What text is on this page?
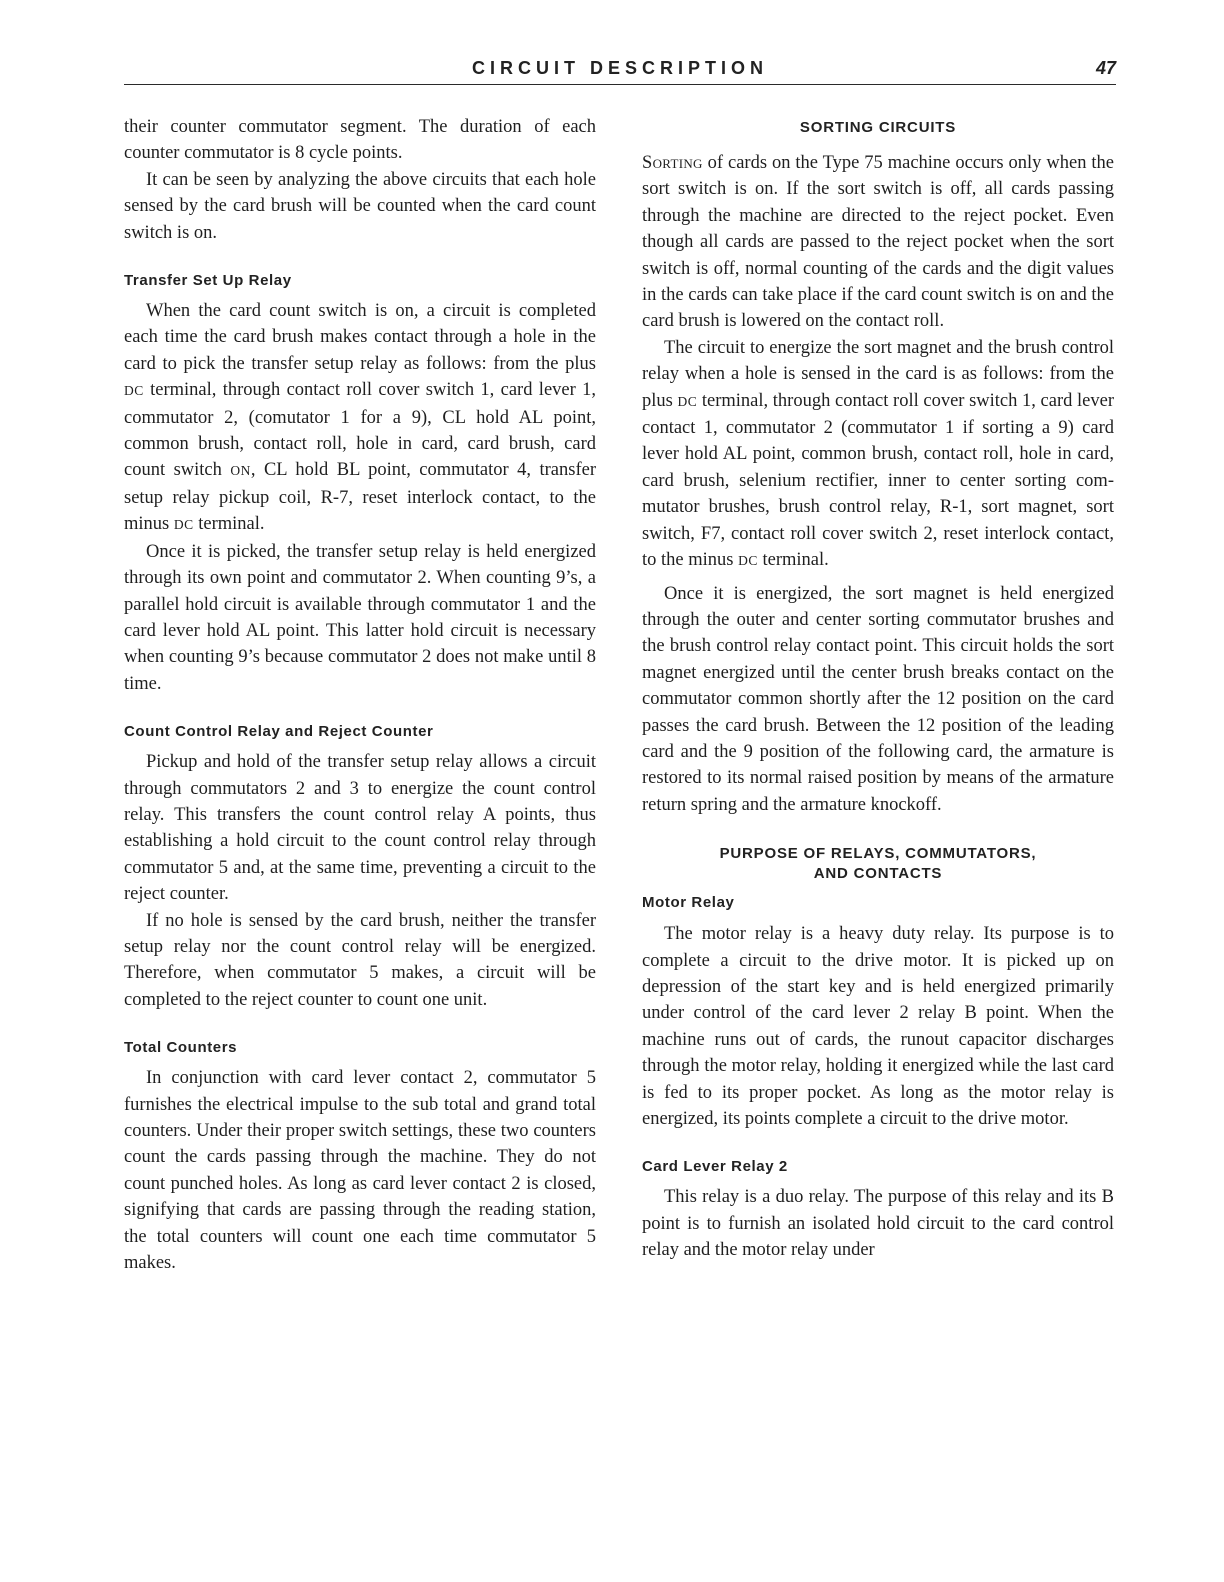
CIRCUIT DESCRIPTION	47

their counter commutator segment. The duration of each counter commutator is 8 cycle points.

It can be seen by analyzing the above circuits that each hole sensed by the card brush will be counted when the card count switch is on.

Transfer Set Up Relay

When the card count switch is on, a circuit is completed each time the card brush makes contact through a hole in the card to pick the transfer setup relay as follows: from the plus DC terminal, through contact roll cover switch 1, card lever 1, commutator 2, (comutator 1 for a 9), CL hold AL point, common brush, contact roll, hole in card, card brush, card count switch ON, CL hold BL point, commutator 4, transfer setup relay pickup coil, R-7, reset interlock contact, to the minus DC terminal.

Once it is picked, the transfer setup relay is held energized through its own point and commutator 2. When counting 9’s, a parallel hold circuit is available through commutator 1 and the card lever hold AL point. This latter hold circuit is necessary when counting 9’s because commutator 2 does not make until 8 time.

Count Control Relay and Reject Counter

Pickup and hold of the transfer setup relay allows a circuit through commutators 2 and 3 to energize the count control relay. This transfers the count control relay A points, thus establishing a hold circuit to the count control relay through commutator 5 and, at the same time, preventing a circuit to the reject counter.

If no hole is sensed by the card brush, neither the transfer setup relay nor the count control relay will be energized. Therefore, when commutator 5 makes, a circuit will be completed to the reject counter to count one unit.

Total Counters

In conjunction with card lever contact 2, commutator 5 furnishes the electrical impulse to the sub total and grand total counters. Under their proper switch settings, these two counters count the cards passing through the machine. They do not count punched holes. As long as card lever contact 2 is closed, signifying that cards are passing through the reading station, the total counters will count one each time commutator 5 makes.

SORTING CIRCUITS

Sorting of cards on the Type 75 machine occurs only when the sort switch is on. If the sort switch is off, all cards passing through the machine are directed to the reject pocket. Even though all cards are passed to the reject pocket when the sort switch is off, normal counting of the cards and the digit values in the cards can take place if the card count switch is on and the card brush is lowered on the contact roll.

The circuit to energize the sort magnet and the brush control relay when a hole is sensed in the card is as follows: from the plus DC terminal, through contact roll cover switch 1, card lever contact 1, commutator 2 (commutator 1 if sorting a 9) card lever hold AL point, common brush, contact roll, hole in card, card brush, selenium rectifier, inner to center sorting commutator brushes, brush control relay, R-1, sort magnet, sort switch, F7, contact roll cover switch 2, reset interlock contact, to the minus DC terminal.

Once it is energized, the sort magnet is held energized through the outer and center sorting commutator brushes and the brush control relay contact point. This circuit holds the sort magnet energized until the center brush breaks contact on the commutator common shortly after the 12 position on the card passes the card brush. Between the 12 position of the leading card and the 9 position of the following card, the armature is restored to its normal raised position by means of the armature return spring and the armature knockoff.

PURPOSE OF RELAYS, COMMUTATORS,
AND CONTACTS
Motor Relay

The motor relay is a heavy duty relay. Its purpose is to complete a circuit to the drive motor. It is picked up on depression of the start key and is held energized primarily under control of the card lever 2 relay B point. When the machine runs out of cards, the runout capacitor discharges through the motor relay, holding it energized while the last card is fed to its proper pocket. As long as the motor relay is energized, its points complete a circuit to the drive motor.

Card Lever Relay 2

This relay is a duo relay. The purpose of this relay and its B point is to furnish an isolated hold circuit to the card control relay and the motor relay under
